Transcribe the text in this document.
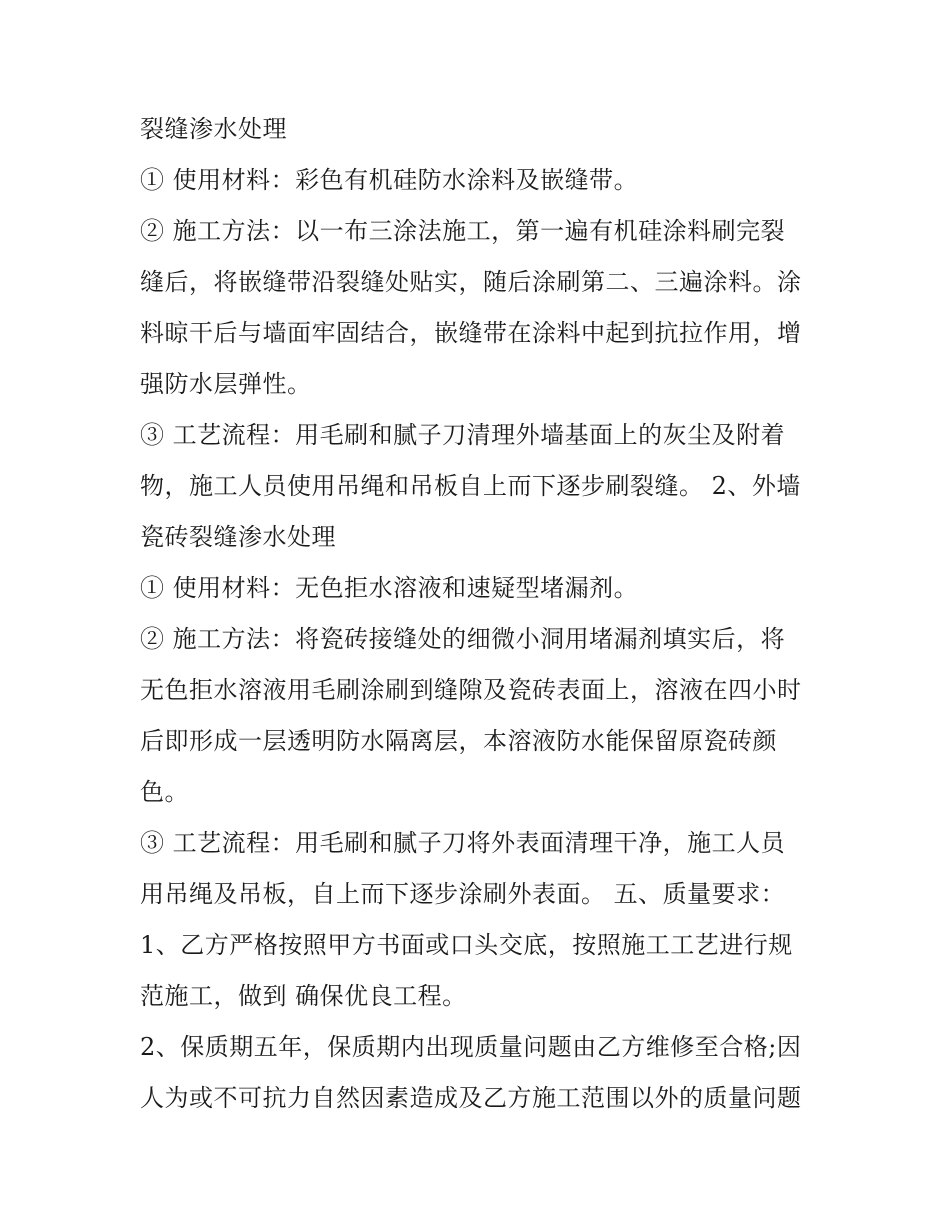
裂缝渗水处理
① 使用材料：彩色有机硅防水涂料及嵌缝带。
② 施工方法：以一布三涂法施工，第一遍有机硅涂料刷完裂
缝后，将嵌缝带沿裂缝处贴实，随后涂刷第二、三遍涂料。涂
料晾干后与墙面牢固结合，嵌缝带在涂料中起到抗拉作用，增
强防水层弹性。
③ 工艺流程：用毛刷和腻子刀清理外墙基面上的灰尘及附着
物，施工人员使用吊绳和吊板自上而下逐步刷裂缝。 2、外墙
瓷砖裂缝渗水处理
① 使用材料：无色拒水溶液和速疑型堵漏剂。
② 施工方法：将瓷砖接缝处的细微小洞用堵漏剂填实后，将
无色拒水溶液用毛刷涂刷到缝隙及瓷砖表面上，溶液在四小时
后即形成一层透明防水隔离层，本溶液防水能保留原瓷砖颜
色。
③ 工艺流程：用毛刷和腻子刀将外表面清理干净，施工人员
用吊绳及吊板，自上而下逐步涂刷外表面。 五、质量要求：
1、乙方严格按照甲方书面或口头交底，按照施工工艺进行规
范施工，做到 确保优良工程。
2、保质期五年，保质期内出现质量问题由乙方维修至合格;因
人为或不可抗力自然因素造成及乙方施工范围以外的质量问题
